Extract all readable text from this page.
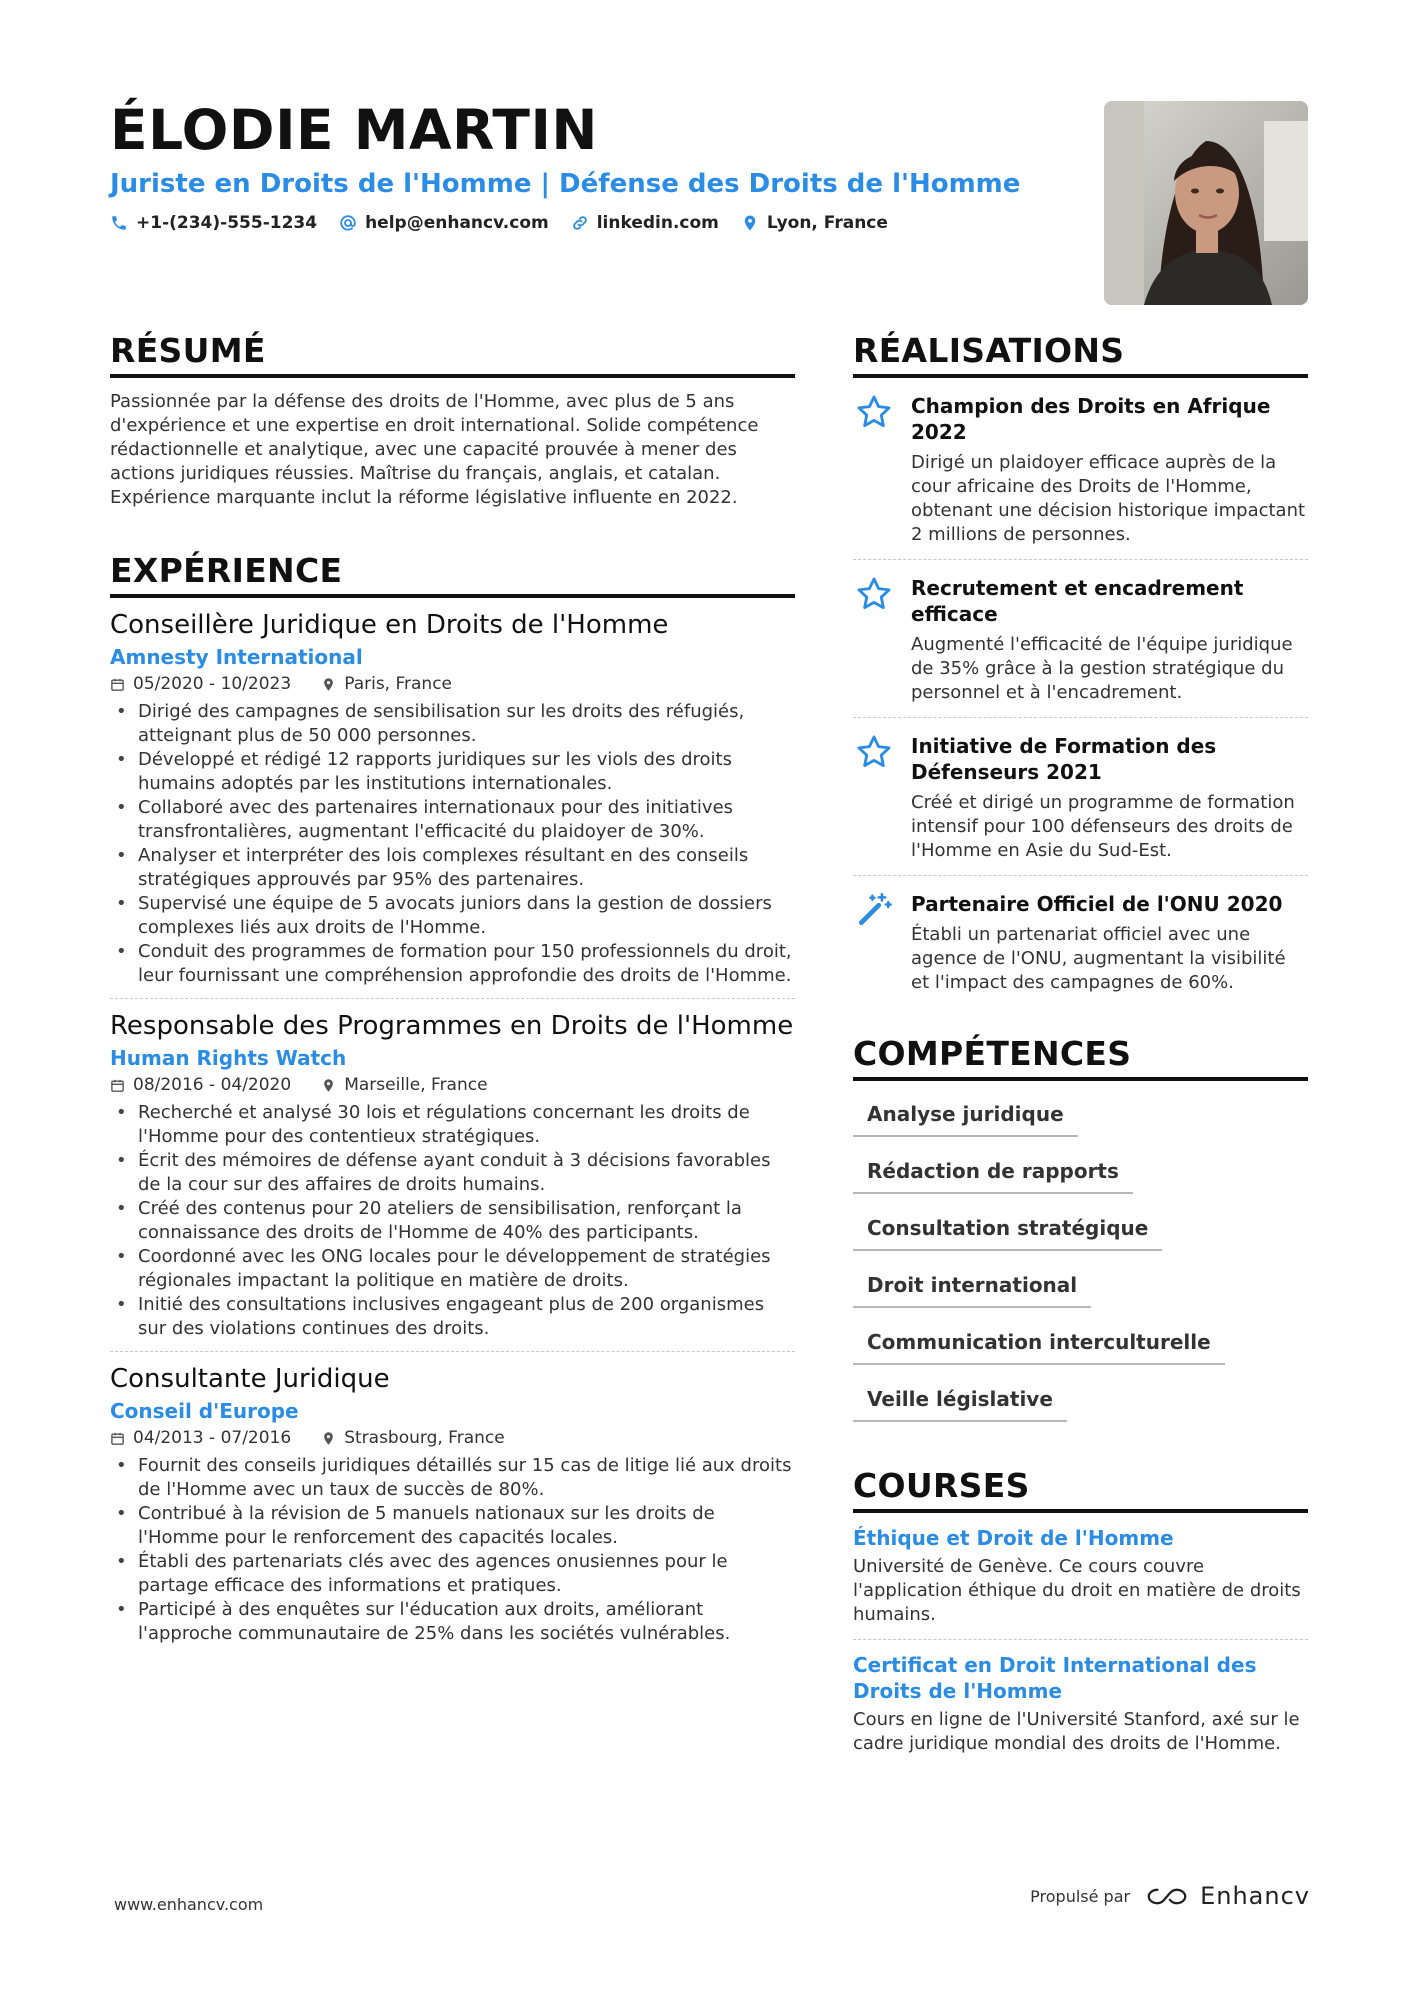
ÉLODIE MARTIN
Juriste en Droits de l'Homme | Défense des Droits de l'Homme
+1-(234)-555-1234	help@enhancv.com	linkedin.com	Lyon, France
RÉSUMÉ

Passionnée par la défense des droits de l'Homme, avec plus de 5 ans d'expérience et une expertise en droit international. Solide compétence rédactionnelle et analytique, avec une capacité prouvée à mener des actions juridiques réussies. Maîtrise du français, anglais, et catalan. Expérience marquante inclut la réforme législative influente en 2022.

EXPÉRIENCE
Conseillère Juridique en Droits de l'Homme
Amnesty International
05/2020 - 10/2023	Paris, France
• Dirigé des campagnes de sensibilisation sur les droits des réfugiés, atteignant plus de 50 000 personnes.
• Développé et rédigé 12 rapports juridiques sur les viols des droits humains adoptés par les institutions internationales.
• Collaboré avec des partenaires internationaux pour des initiatives transfrontalières, augmentant l'efficacité du plaidoyer de 30%.
• Analyser et interpréter des lois complexes résultant en des conseils stratégiques approuvés par 95% des partenaires.
• Supervisé une équipe de 5 avocats juniors dans la gestion de dossiers complexes liés aux droits de l'Homme.
• Conduit des programmes de formation pour 150 professionnels du droit, leur fournissant une compréhension approfondie des droits de l'Homme.
Responsable des Programmes en Droits de l'Homme
Human Rights Watch
08/2016 - 04/2020	Marseille, France
• Recherché et analysé 30 lois et régulations concernant les droits de l'Homme pour des contentieux stratégiques.
• Écrit des mémoires de défense ayant conduit à 3 décisions favorables de la cour sur des affaires de droits humains.
• Créé des contenus pour 20 ateliers de sensibilisation, renforçant la connaissance des droits de l'Homme de 40% des participants.
• Coordonné avec les ONG locales pour le développement de stratégies régionales impactant la politique en matière de droits.
• Initié des consultations inclusives engageant plus de 200 organismes sur des violations continues des droits.
Consultante Juridique
Conseil d'Europe
04/2013 - 07/2016	Strasbourg, France
• Fournit des conseils juridiques détaillés sur 15 cas de litige lié aux droits de l'Homme avec un taux de succès de 80%.
• Contribué à la révision de 5 manuels nationaux sur les droits de l'Homme pour le renforcement des capacités locales.
• Établi des partenariats clés avec des agences onusiennes pour le partage efficace des informations et pratiques.
• Participé à des enquêtes sur l'éducation aux droits, améliorant l'approche communautaire de 25% dans les sociétés vulnérables.
RÉALISATIONS
Champion des Droits en Afrique 2022
Dirigé un plaidoyer efficace auprès de la cour africaine des Droits de l'Homme, obtenant une décision historique impactant 2 millions de personnes.
Recrutement et encadrement efficace
Augmenté l'efficacité de l'équipe juridique de 35% grâce à la gestion stratégique du personnel et à l'encadrement.
Initiative de Formation des Défenseurs 2021
Créé et dirigé un programme de formation intensif pour 100 défenseurs des droits de l'Homme en Asie du Sud-Est.
Partenaire Officiel de l'ONU 2020
Établi un partenariat officiel avec une agence de l'ONU, augmentant la visibilité et l'impact des campagnes de 60%.
COMPÉTENCES
Analyse juridique
Rédaction de rapports
Consultation stratégique
Droit international
Communication interculturelle
Veille législative
COURSES
Éthique et Droit de l'Homme
Université de Genève. Ce cours couvre l'application éthique du droit en matière de droits humains.
Certificat en Droit International des Droits de l'Homme
Cours en ligne de l'Université Stanford, axé sur le cadre juridique mondial des droits de l'Homme.
www.enhancv.com	Propulsé par	Enhancv
